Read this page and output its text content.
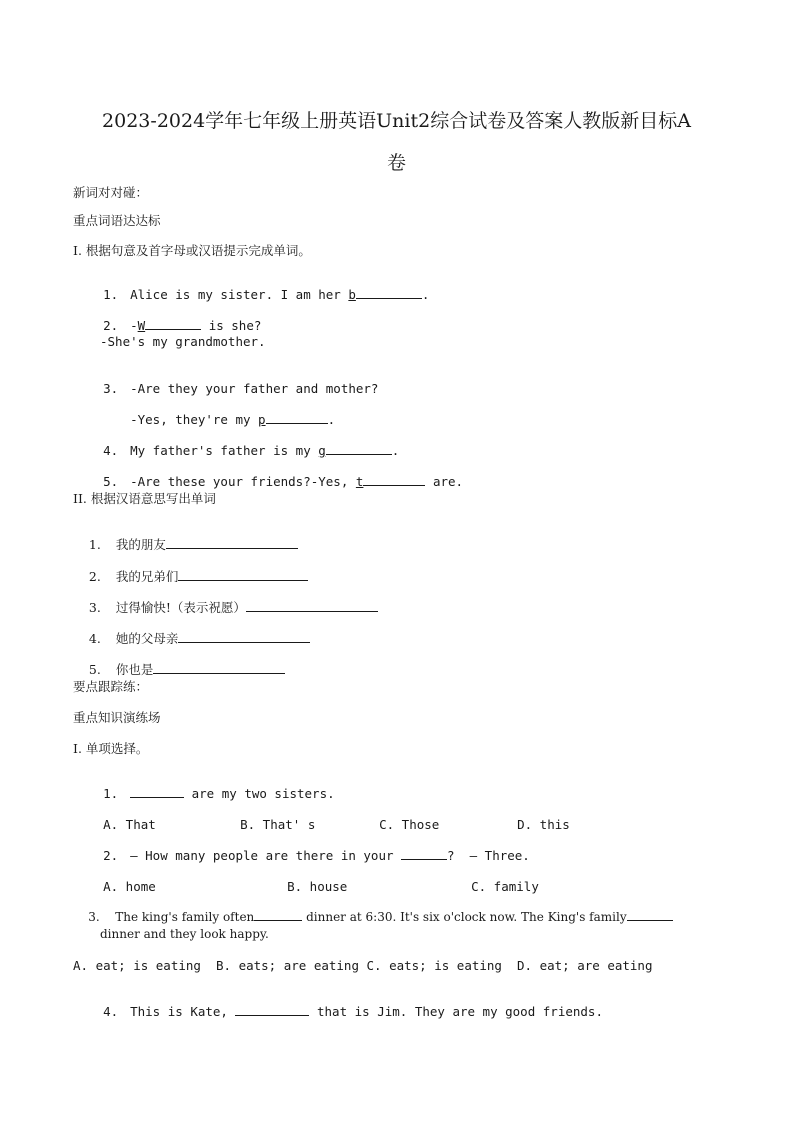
2023-2024学年七年级上册英语Unit2综合试卷及答案人教版新目标A
卷
新词对对碰：
重点词语达达标
I. 根据句意及首字母或汉语提示完成单词。

1. Alice is my sister. I am her b	.

2. -W	is she?

-She's my grandmother.

3. -Are they your father and mother?

-Yes, they're my p	.

4. My father's father is my g	.

5. -Are these your friends?-Yes, t	are.

II. 根据汉语意思写出单词

1. 我的朋友

2. 我的兄弟们

3. 过得愉快!（表示祝愿）

4. 她的父母亲

5. 你也是

要点跟踪练：
重点知识演练场
I. 单项选择。

1.	are my two sisters.

A. That	B. That' s	C. Those	D. this

2. — How many people are there in your	?  — Three.

A. home	B. house	C. family

3. The king's family often	dinner at 6:30. It's six o'clock now. The King's family

dinner and they look happy.
A. eat; is eating  B. eats; are eating C. eats; is eating  D. eat; are eating

4. This is Kate,	that is Jim. They are my good friends.
